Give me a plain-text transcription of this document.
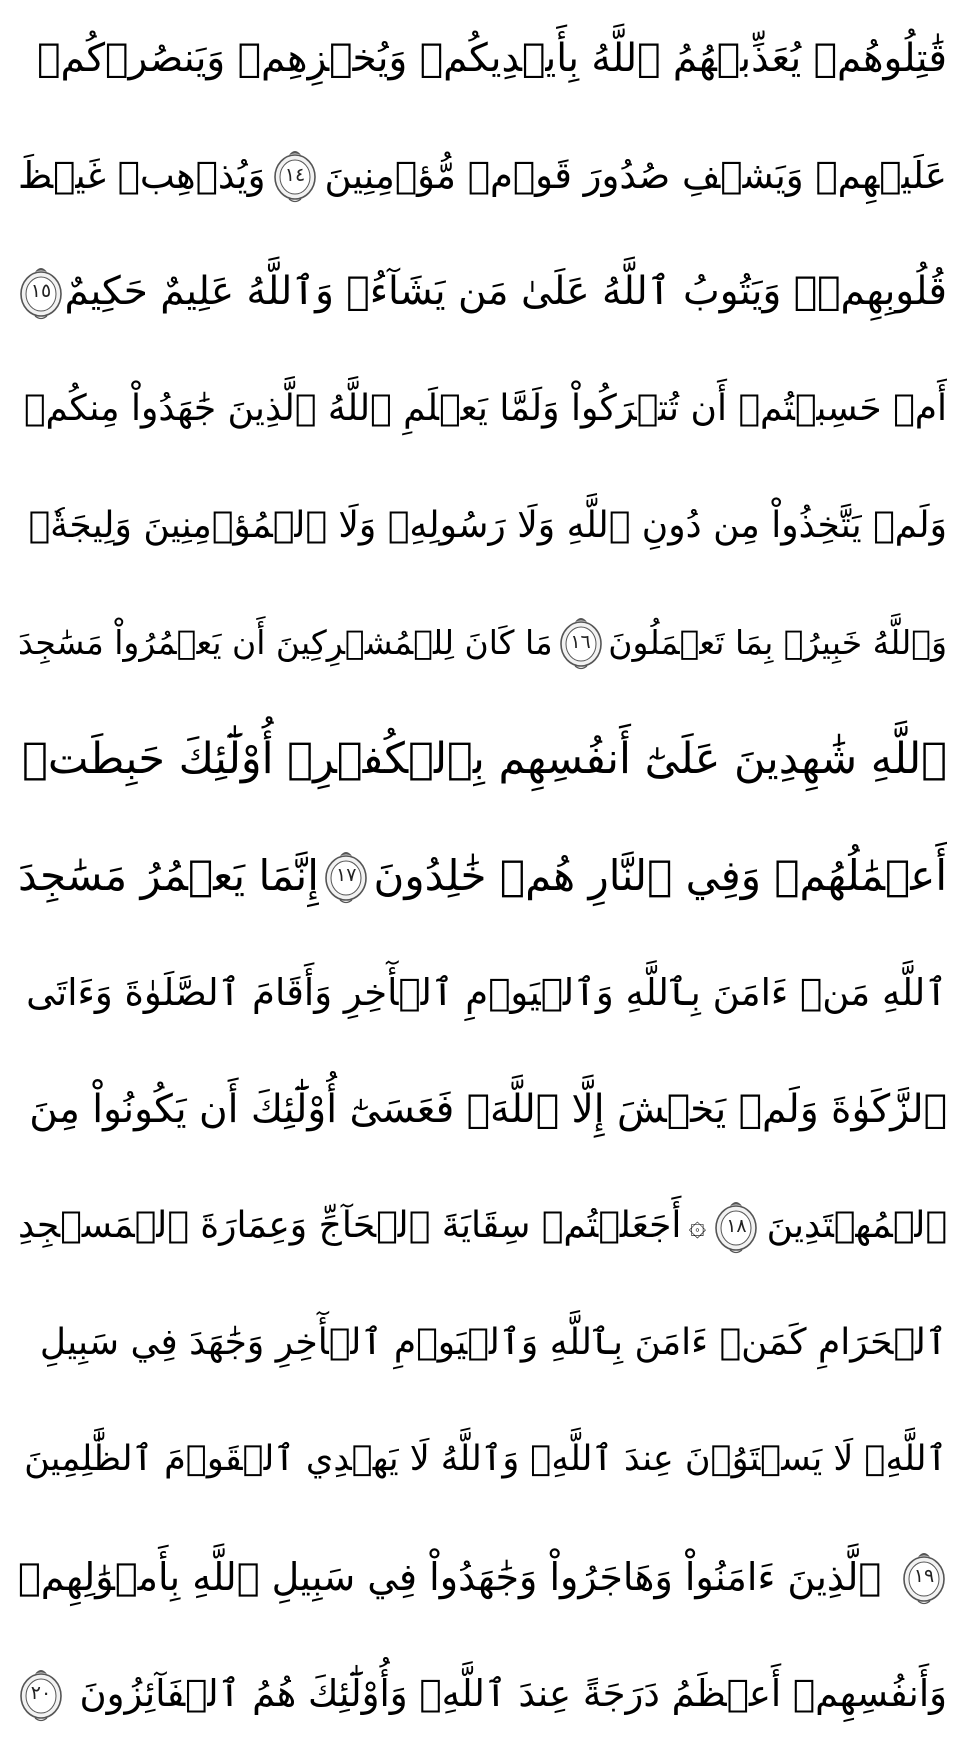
قَٰتِلُوهُمۡ يُعَذِّبۡهُمُ ٱللَّهُ بِأَيۡدِيكُمۡ وَيُخۡزِهِمۡ وَيَنصُرۡكُمۡ
عَلَيۡهِمۡ وَيَشۡفِ صُدُورَ قَوۡمٖ مُّؤۡمِنِينَ
١٤
وَيُذۡهِبۡ غَيۡظَ
قُلُوبِهِمۡۗ وَيَتُوبُ ٱللَّهُ عَلَىٰ مَن يَشَآءُۗ وَٱللَّهُ عَلِيمٌ حَكِيمٌ
١٥
أَمۡ حَسِبۡتُمۡ أَن تُتۡرَكُواْ وَلَمَّا يَعۡلَمِ ٱللَّهُ ٱلَّذِينَ جَٰهَدُواْ مِنكُمۡ
وَلَمۡ يَتَّخِذُواْ مِن دُونِ ٱللَّهِ وَلَا رَسُولِهِۦ وَلَا ٱلۡمُؤۡمِنِينَ وَلِيجَةٗۚ
وَٱللَّهُ خَبِيرُۢ بِمَا تَعۡمَلُونَ
١٦
مَا كَانَ لِلۡمُشۡرِكِينَ أَن يَعۡمُرُواْ مَسَٰجِدَ
ٱللَّهِ شَٰهِدِينَ عَلَىٰٓ أَنفُسِهِم بِٱلۡكُفۡرِۚ أُوْلَٰٓئِكَ حَبِطَتۡ
أَعۡمَٰلُهُمۡ وَفِي ٱلنَّارِ هُمۡ خَٰلِدُونَ
١٧
إِنَّمَا يَعۡمُرُ مَسَٰجِدَ
ٱللَّهِ مَنۡ ءَامَنَ بِٱللَّهِ وَٱلۡيَوۡمِ ٱلۡأٓخِرِ وَأَقَامَ ٱلصَّلَوٰةَ وَءَاتَى
ٱلزَّكَوٰةَ وَلَمۡ يَخۡشَ إِلَّا ٱللَّهَۖ فَعَسَىٰٓ أُوْلَٰٓئِكَ أَن يَكُونُواْ مِنَ
ٱلۡمُهۡتَدِينَ
١٨
۞
أَجَعَلۡتُمۡ سِقَايَةَ ٱلۡحَآجِّ وَعِمَارَةَ ٱلۡمَسۡجِدِ
ٱلۡحَرَامِ كَمَنۡ ءَامَنَ بِٱللَّهِ وَٱلۡيَوۡمِ ٱلۡأٓخِرِ وَجَٰهَدَ فِي سَبِيلِ
ٱللَّهِۚ لَا يَسۡتَوُۥنَ عِندَ ٱللَّهِۗ وَٱللَّهُ لَا يَهۡدِي ٱلۡقَوۡمَ ٱلظَّٰلِمِينَ
١٩
ٱلَّذِينَ ءَامَنُواْ وَهَاجَرُواْ وَجَٰهَدُواْ فِي سَبِيلِ ٱللَّهِ بِأَمۡوَٰلِهِمۡ
وَأَنفُسِهِمۡ أَعۡظَمُ دَرَجَةً عِندَ ٱللَّهِۚ وَأُوْلَٰٓئِكَ هُمُ ٱلۡفَآئِزُونَ
٢٠
